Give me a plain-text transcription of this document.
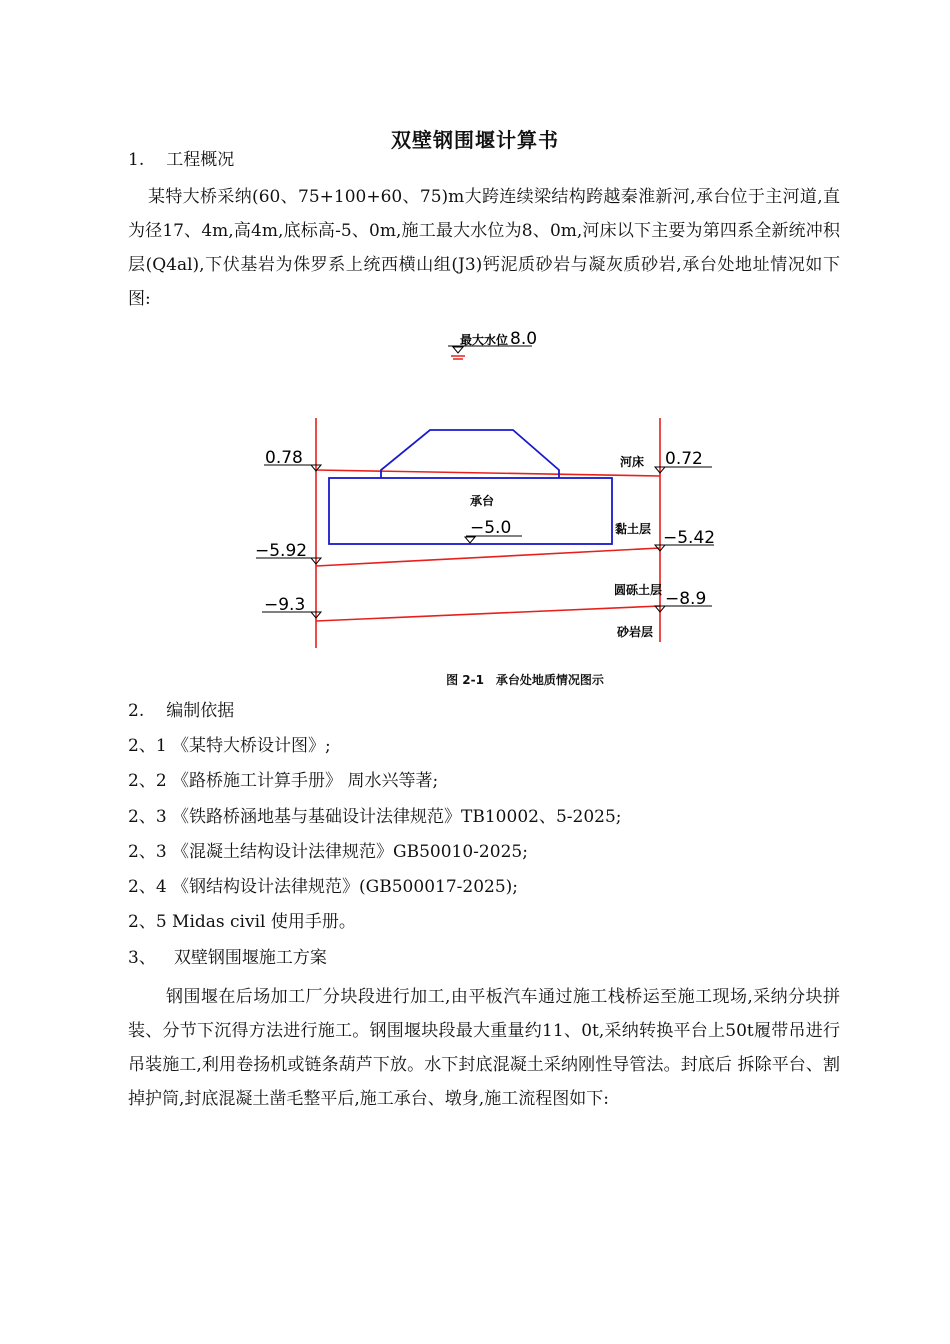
双壁钢围堰计算书
1. 工程概况
某特大桥采纳(60、75+100+60、75)m大跨连续梁结构跨越秦淮新河,承台位于主河道,直为径17、4m,高4m,底标高-5、0m,施工最大水位为8、0m,河床以下主要为第四系全新统冲积层(Q4al),下伏基岩为侏罗系上统西横山组(J3)钙泥质砂岩与凝灰质砂岩,承台处地址情况如下图:
最大水位 8.0
0.78
−5.92
−9.3
0.72
−5.42
−8.9
河床
承台
−5.0	黏土层
圆砾土层
砂岩层
图 2-1　承台处地质情况图示
2. 编制依据
2、1 《某特大桥设计图》;
2、2 《路桥施工计算手册》 周水兴等著;
2、3 《铁路桥涵地基与基础设计法律规范》TB10002、5-2025;
2、3 《混凝土结构设计法律规范》GB50010-2025;
2、4 《钢结构设计法律规范》(GB500017-2025);
2、5 Midas civil 使用手册。
3、 双壁钢围堰施工方案
钢围堰在后场加工厂分块段进行加工,由平板汽车通过施工栈桥运至施工现场,采纳分块拼装、分节下沉得方法进行施工。钢围堰块段最大重量约11、0t,采纳转换平台上50t履带吊进行吊装施工,利用卷扬机或链条葫芦下放。水下封底混凝土采纳刚性导管法。封底后 拆除平台、割掉护筒,封底混凝土凿毛整平后,施工承台、墩身,施工流程图如下:
